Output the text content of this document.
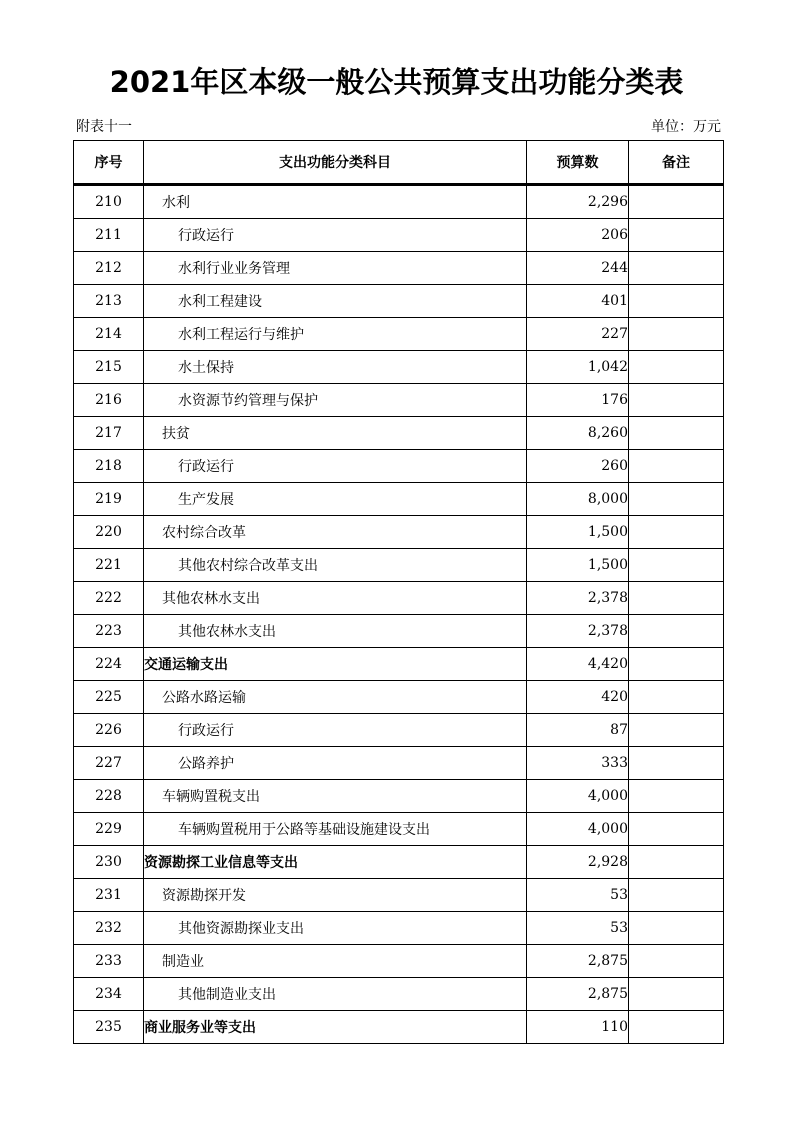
2021年区本级一般公共预算支出功能分类表
附表十一	单位：万元
序号	支出功能分类科目	预算数	备注
210	水利	2,296	
211	行政运行	206	
212	水利行业业务管理	244	
213	水利工程建设	401	
214	水利工程运行与维护	227	
215	水土保持	1,042	
216	水资源节约管理与保护	176	
217	扶贫	8,260	
218	行政运行	260	
219	生产发展	8,000	
220	农村综合改革	1,500	
221	其他农村综合改革支出	1,500	
222	其他农林水支出	2,378	
223	其他农林水支出	2,378	
224	交通运输支出	4,420	
225	公路水路运输	420	
226	行政运行	87	
227	公路养护	333	
228	车辆购置税支出	4,000	
229	车辆购置税用于公路等基础设施建设支出	4,000	
230	资源勘探工业信息等支出	2,928	
231	资源勘探开发	53	
232	其他资源勘探业支出	53	
233	制造业	2,875	
234	其他制造业支出	2,875	
235	商业服务业等支出	110	
